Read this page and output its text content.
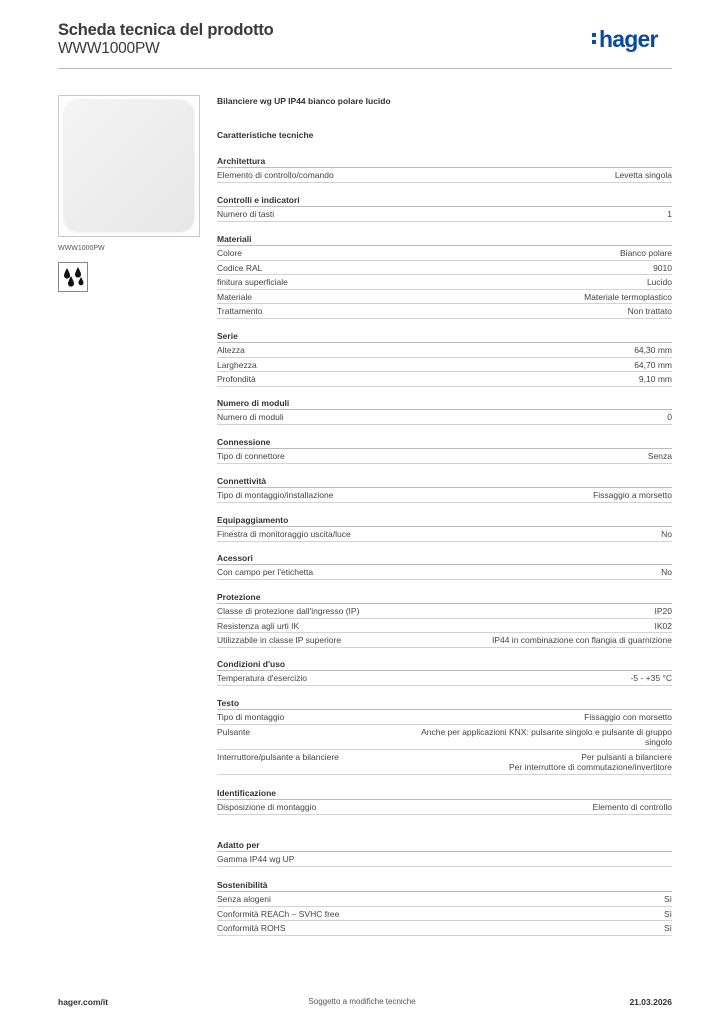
Scheda tecnica del prodotto
WWW1000PW	hager
WWW1000PW
Bilanciere wg UP IP44 bianco polare lucido
Caratteristiche tecniche
Architettura
Elemento di controllo/comando	Levetta singola
Controlli e indicatori
Numero di tasti	1
Materiali
Colore	Bianco polare
Codice RAL	9010
finitura superficiale	Lucido
Materiale	Materiale termoplastico
Trattamento	Non trattato
Serie
Altezza	64,30 mm
Larghezza	64,70 mm
Profondità	9,10 mm
Numero di moduli
Numero di moduli	0
Connessione
Tipo di connettore	Senza
Connettività
Tipo di montaggio/installazione	Fissaggio a morsetto
Equipaggiamento
Finestra di monitoraggio uscita/luce	No
Acessori
Con campo per l'etichetta	No
Protezione
Classe di protezione dall'ingresso (IP)	IP20
Resistenza agli urti IK	IK02
Utilizzabile in classe IP superiore	IP44 in combinazione con flangia di guarnizione
Condizioni d'uso
Temperatura d'esercizio	-5 - +35 °C
Testo
Tipo di montaggio	Fissaggio con morsetto
Pulsante	Anche per applicazioni KNX: pulsante singolo e pulsante di gruppo
singolo
Interruttore/pulsante a bilanciere	Per pulsanti a bilanciere
Per interruttore di commutazione/invertitore
Identificazione
Disposizione di montaggio	Elemento di controllo
Adatto per
Gamma IP44 wg UP
Sostenibilità
Senza alogeni	Sì
Conformità REACh – SVHC free	Sì
Conformità ROHS	Sì
hager.com/it	Soggetto a modifiche tecniche	21.03.2026
